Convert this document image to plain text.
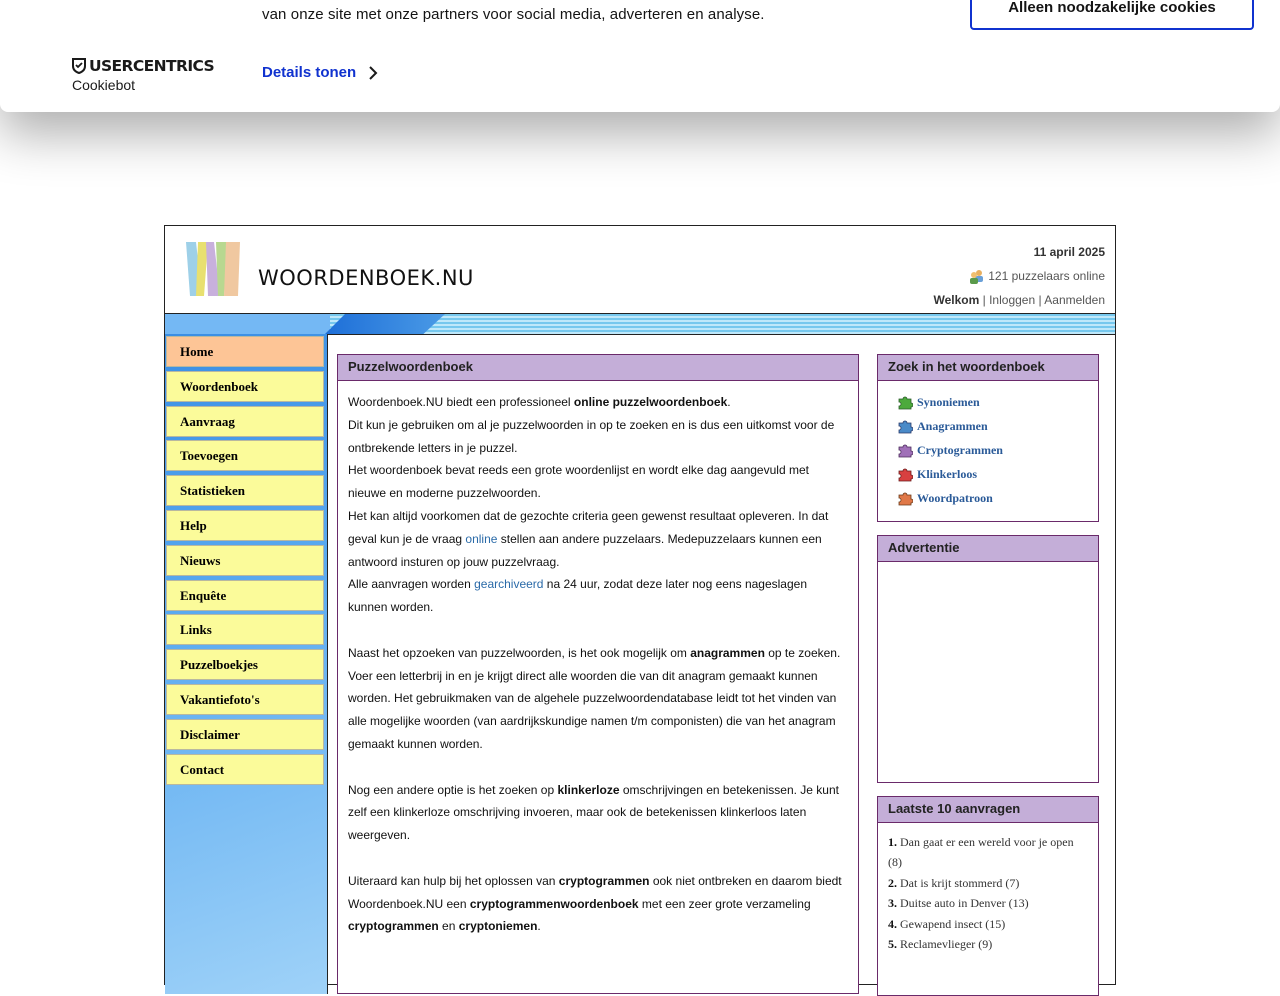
van onze site met onze partners voor social media, adverteren en analyse.	Alleen noodzakelijke cookies
USERCENTRICS
Cookiebot
Details tonen
WOORDENBOEK.NU
11 april 2025
121 puzzelaars online
Welkom | Inloggen | Aanmelden
Home
Woordenboek
Aanvraag
Toevoegen
Statistieken
Help
Nieuws
Enquête
Links
Puzzelboekjes
Vakantiefoto's
Disclaimer
Contact
Puzzelwoordenboek

Woordenboek.NU biedt een professioneel online puzzelwoordenboek.

Dit kun je gebruiken om al je puzzelwoorden in op te zoeken en is dus een uitkomst voor de ontbrekende letters in je puzzel.

Het woordenboek bevat reeds een grote woordenlijst en wordt elke dag aangevuld met nieuwe en moderne puzzelwoorden.

Het kan altijd voorkomen dat de gezochte criteria geen gewenst resultaat opleveren. In dat geval kun je de vraag online stellen aan andere puzzelaars. Medepuzzelaars kunnen een antwoord insturen op jouw puzzelvraag.

Alle aanvragen worden gearchiveerd na 24 uur, zodat deze later nog eens nageslagen kunnen worden.

Naast het opzoeken van puzzelwoorden, is het ook mogelijk om anagrammen op te zoeken. Voer een letterbrij in en je krijgt direct alle woorden die van dit anagram gemaakt kunnen worden. Het gebruikmaken van de algehele puzzelwoordendatabase leidt tot het vinden van alle mogelijke woorden (van aardrijkskundige namen t/m componisten) die van het anagram gemaakt kunnen worden.

Nog een andere optie is het zoeken op klinkerloze omschrijvingen en betekenissen. Je kunt zelf een klinkerloze omschrijving invoeren, maar ook de betekenissen klinkerloos laten weergeven.

Uiteraard kan hulp bij het oplossen van cryptogrammen ook niet ontbreken en daarom biedt Woordenboek.NU een cryptogrammenwoordenboek met een zeer grote verzameling cryptogrammen en cryptoniemen.

Zoek in het woordenboek
Synoniemen
Anagrammen
Cryptogrammen
Klinkerloos
Woordpatroon
Advertentie
Laatste 10 aanvragen
1. Dan gaat er een wereld voor je open (8)
2. Dat is krijt stommerd (7)
3. Duitse auto in Denver (13)
4. Gewapend insect (15)
5. Reclamevlieger (9)
